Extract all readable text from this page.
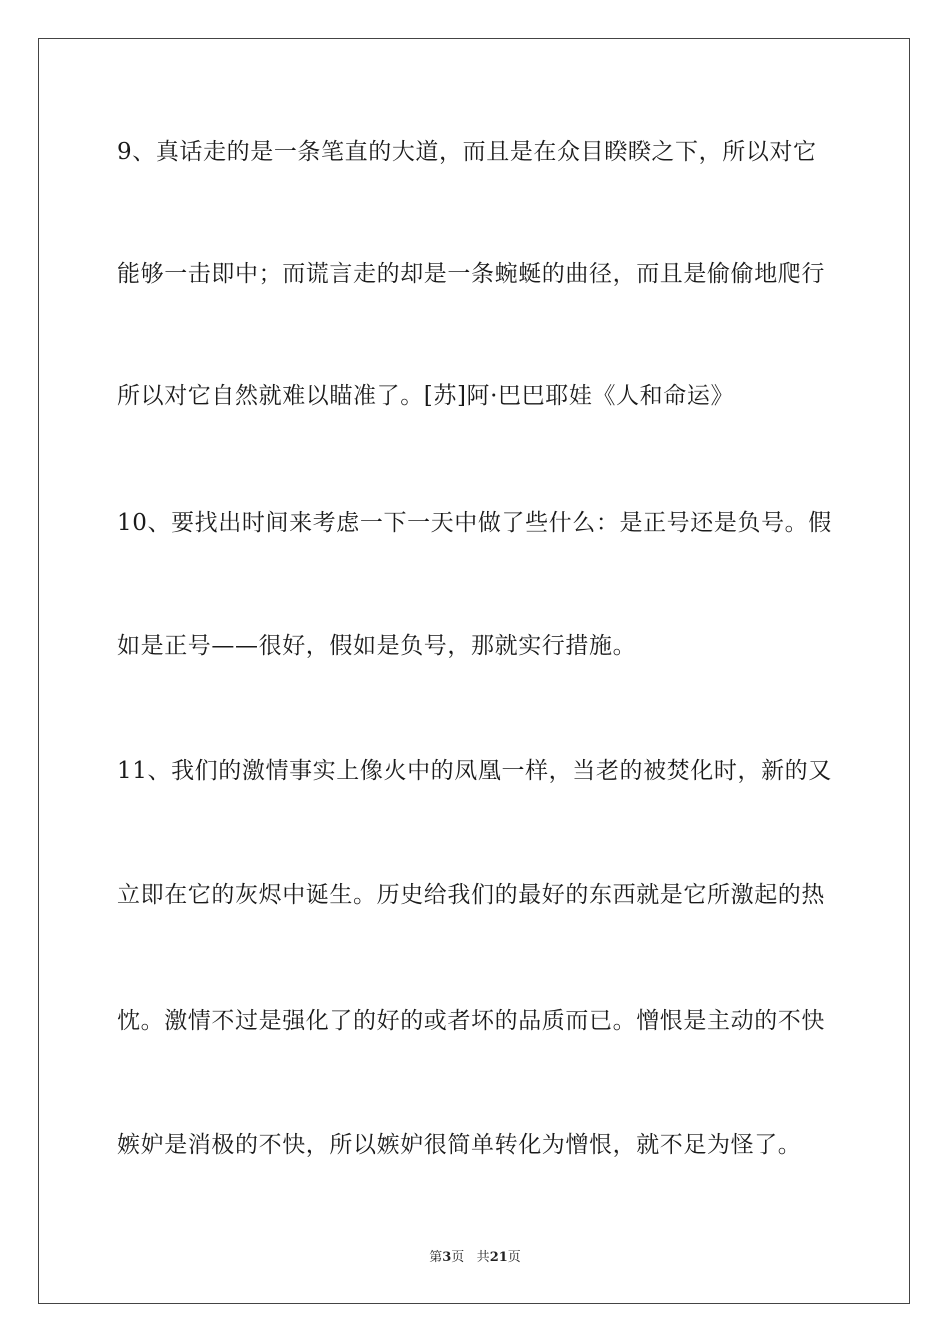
9、真话走的是一条笔直的大道，而且是在众目睽睽之下，所以对它
能够一击即中；而谎言走的却是一条蜿蜒的曲径，而且是偷偷地爬行
所以对它自然就难以瞄准了。[苏]阿·巴巴耶娃《人和命运》
10、要找出时间来考虑一下一天中做了些什么：是正号还是负号。假
如是正号——很好，假如是负号，那就实行措施。
11、我们的激情事实上像火中的凤凰一样，当老的被焚化时，新的又
立即在它的灰烬中诞生。历史给我们的最好的东西就是它所激起的热
忱。激情不过是强化了的好的或者坏的品质而已。憎恨是主动的不快
嫉妒是消极的不快，所以嫉妒很简单转化为憎恨，就不足为怪了。
第3页 共21页
